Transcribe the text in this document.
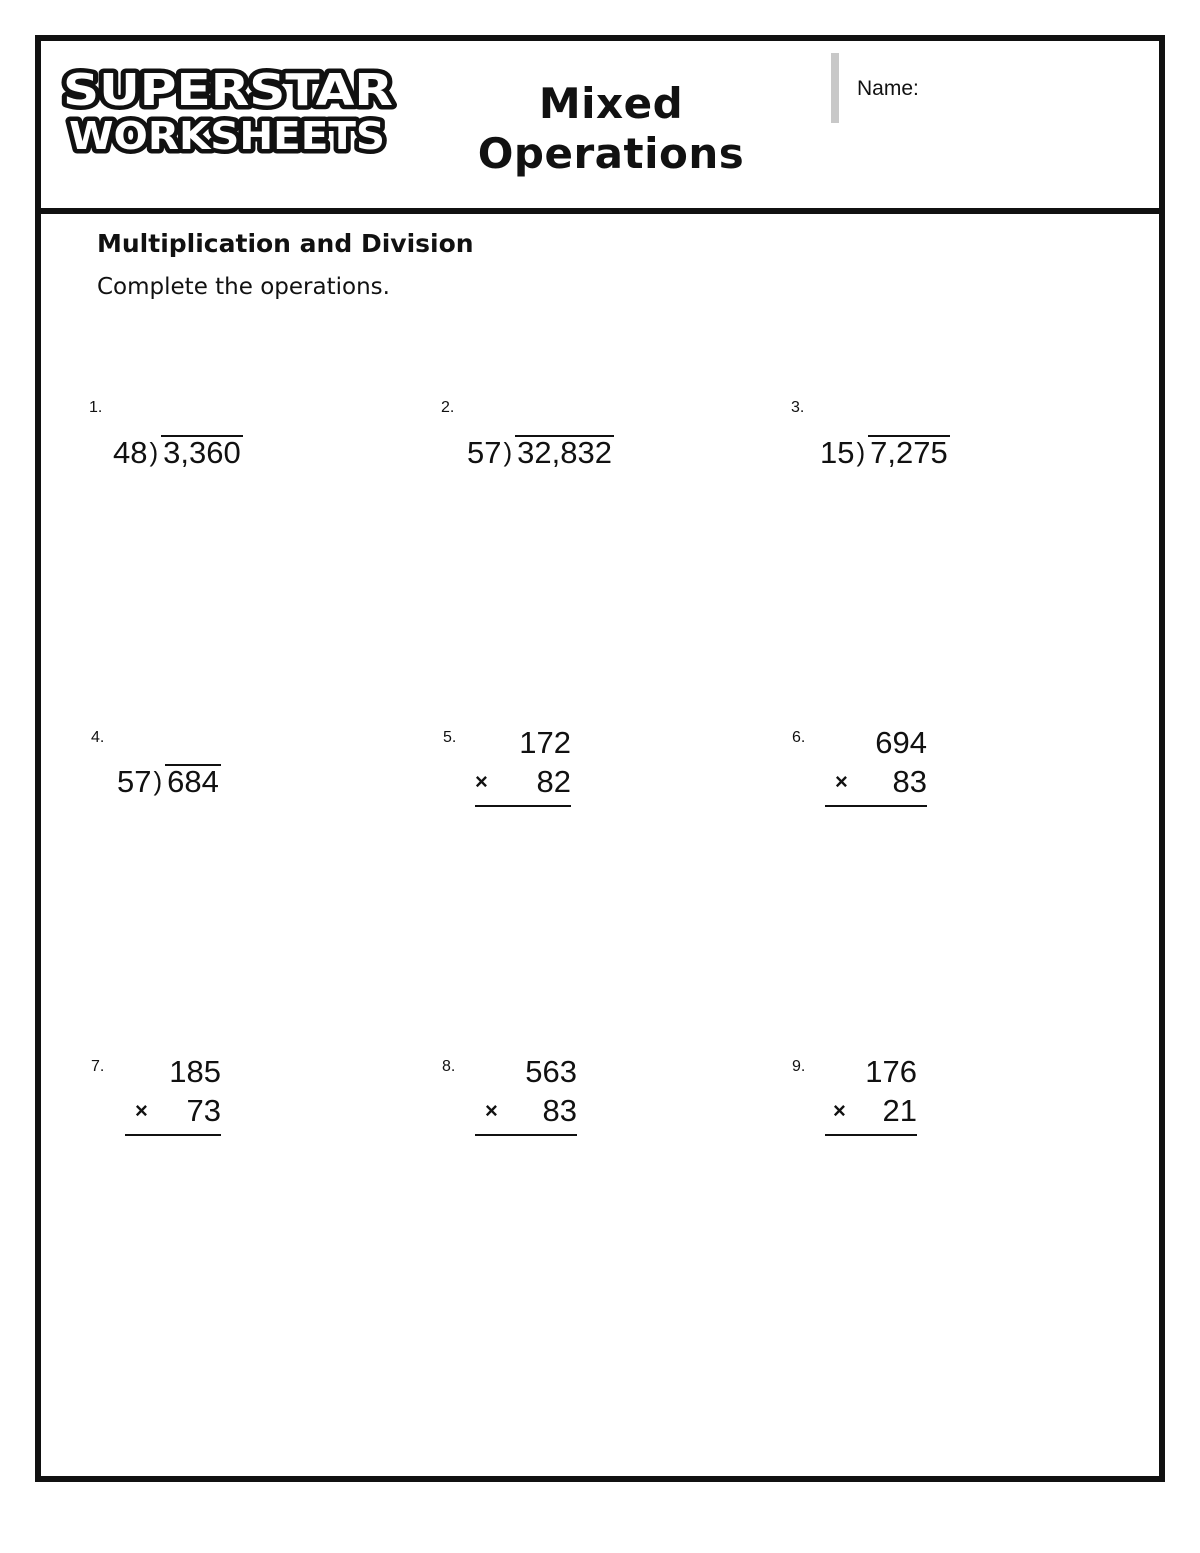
SUPERSTAR
WORKSHEETS
Mixed
Operations
Name:
Multiplication and Division
Complete the operations.
1.
48) 3,360
2.
57) 32,832
3.
15) 7,275
4.
57) 684
5.	172
× 82
6.	694
× 83
7.	185
× 73
8.	563
× 83
9.	176
× 21
